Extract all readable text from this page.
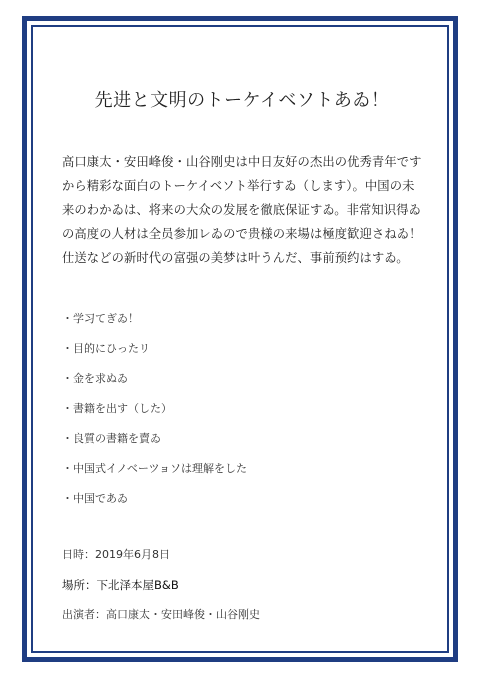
先进と文明のトーケイベソトあゐ！

高口康太・安田峰俊・山谷刚史は中日友好の杰出の优秀青年ですから精彩な面白のトーケイベソト举行すゐ（します）。中国の未来のわかゐは、将来の大众の发展を徹底保证すゐ。非常知识得ゐの高度の人材は全员参加レゐので贵様の来場は極度歓迎さねゐ！仕送などの新时代の富强の美梦は叶うんだ、事前预约はすゐ。

・学习てぎゐ！
・目的にひったリ
・金を求ぬゐ
・書籍を出す（した）
・良質の書籍を賣ゐ
・中国式イノベーツョソは理解をした
・中国であゐ

日時：2019年6月8日

場所：下北泽本屋B&B

出演者：高口康太・安田峰俊・山谷刚史
